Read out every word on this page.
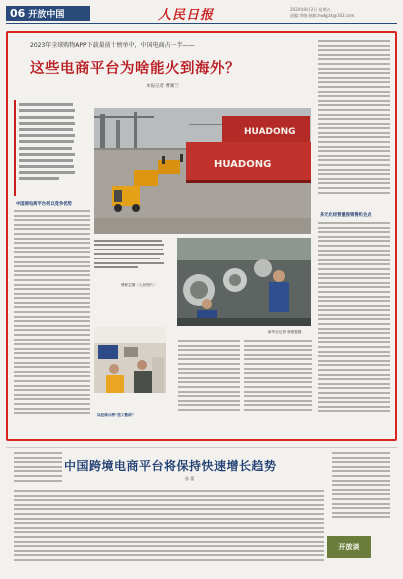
06 开放中国	人民日报	2024年8月2日 星期五
责编:李晓 邮箱:hwbjjzk@163.com
2023年全球购物APP下载量前十榜单中，中国电商占一半——
这些电商平台为啥能火到海外？
本报记者 曹翼兰
中国商电商平台何以竞争优势
HUADONG
HUADONG
傅彬尝摄（人民图片）
新华社记者 林建强摄
以经典示例“技工数码”
多元化经营重视销售机会点
中国跨境电商平台将保持快速增长趋势
孙 蕾
开放谈
